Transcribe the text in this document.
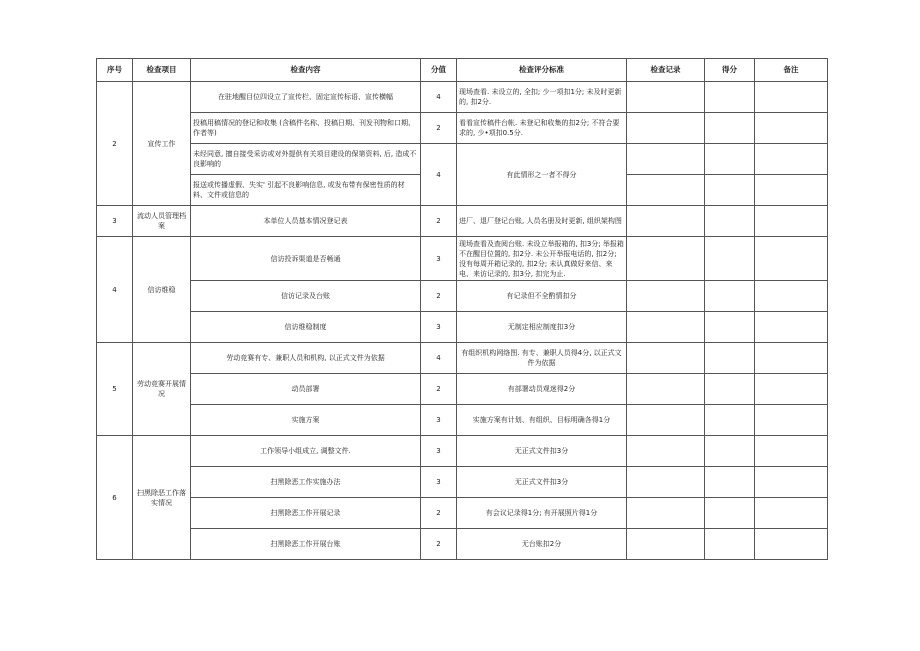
序号	检查项目	检查内容	分值	检查评分标准	检查记录	得分	备注
2	宣传工作	在驻地醒目位四设立了宣传栏、固定宣传标语、宣传横幅	4	现场查看. 未设立的, 全扣; 少一项扣1分; 未及时更新的, 扣2分.			
		投稿用稿情况的登记和收集 (含稿件名称、投稿日期、刊发刊物和口期、作者等)	2	看看宣传稿件台帐. 未登记和收集的扣2分; 不符合要求的, 少•项扣0.5分.			
		未经同意, 擅自接受采访或对外提供有关项目建设的保第资料, 后, 造成不良影响的	4	有此情形之一者不得分			
		报送或传播虚假、失实' 引起不良影响信息, 或发布带有保密性质的材料、文件或信息的					
3	流动人员管理档案	本单位人员基本情况登记表	2	进厂、退厂登记台账, 人员名册及时更新, 组织架构图			
4	信访维稳	信访投诉渠道是否畅通	3	现场查看及查阅台账. 未设立举报箱的, 扣3分; 举报箱不在醒目位置的, 扣2分. 未公开举报电话的, 扣2分; 没有每周开箱记录的, 扣2分; 未认真做好来信、来电、来访记录的, 扣3分, 扣完为止.			
		信访记录及台账	2	有记录但不全酌情扣分			
		信访维稳制度	3	无制定相应制度扣3分			
5	劳动竞赛开展情况	劳动竞赛有专、兼职人员和机构, 以正式文件为依据	4	有组织机构网络图. 有专、兼职人员得4分, 以正式文件为依据			
		动员部署	2	有部署动员观迷得2分			
		实施方案	3	实施方案有计划、有组织、目标明确各得1分			
6	扫黑除恶工作落实情况	工作领导小组成立, 调整文件.	3	无正式文件扣3分			
		扫黑除恶工作实施办法	3	无正式文件扣3分			
		扫黑除恶工作开展记录	2	有会议记录得1分; 有开展照片得1分			
		扫黑除恶工作开展台账	2	无台账扣2分			
